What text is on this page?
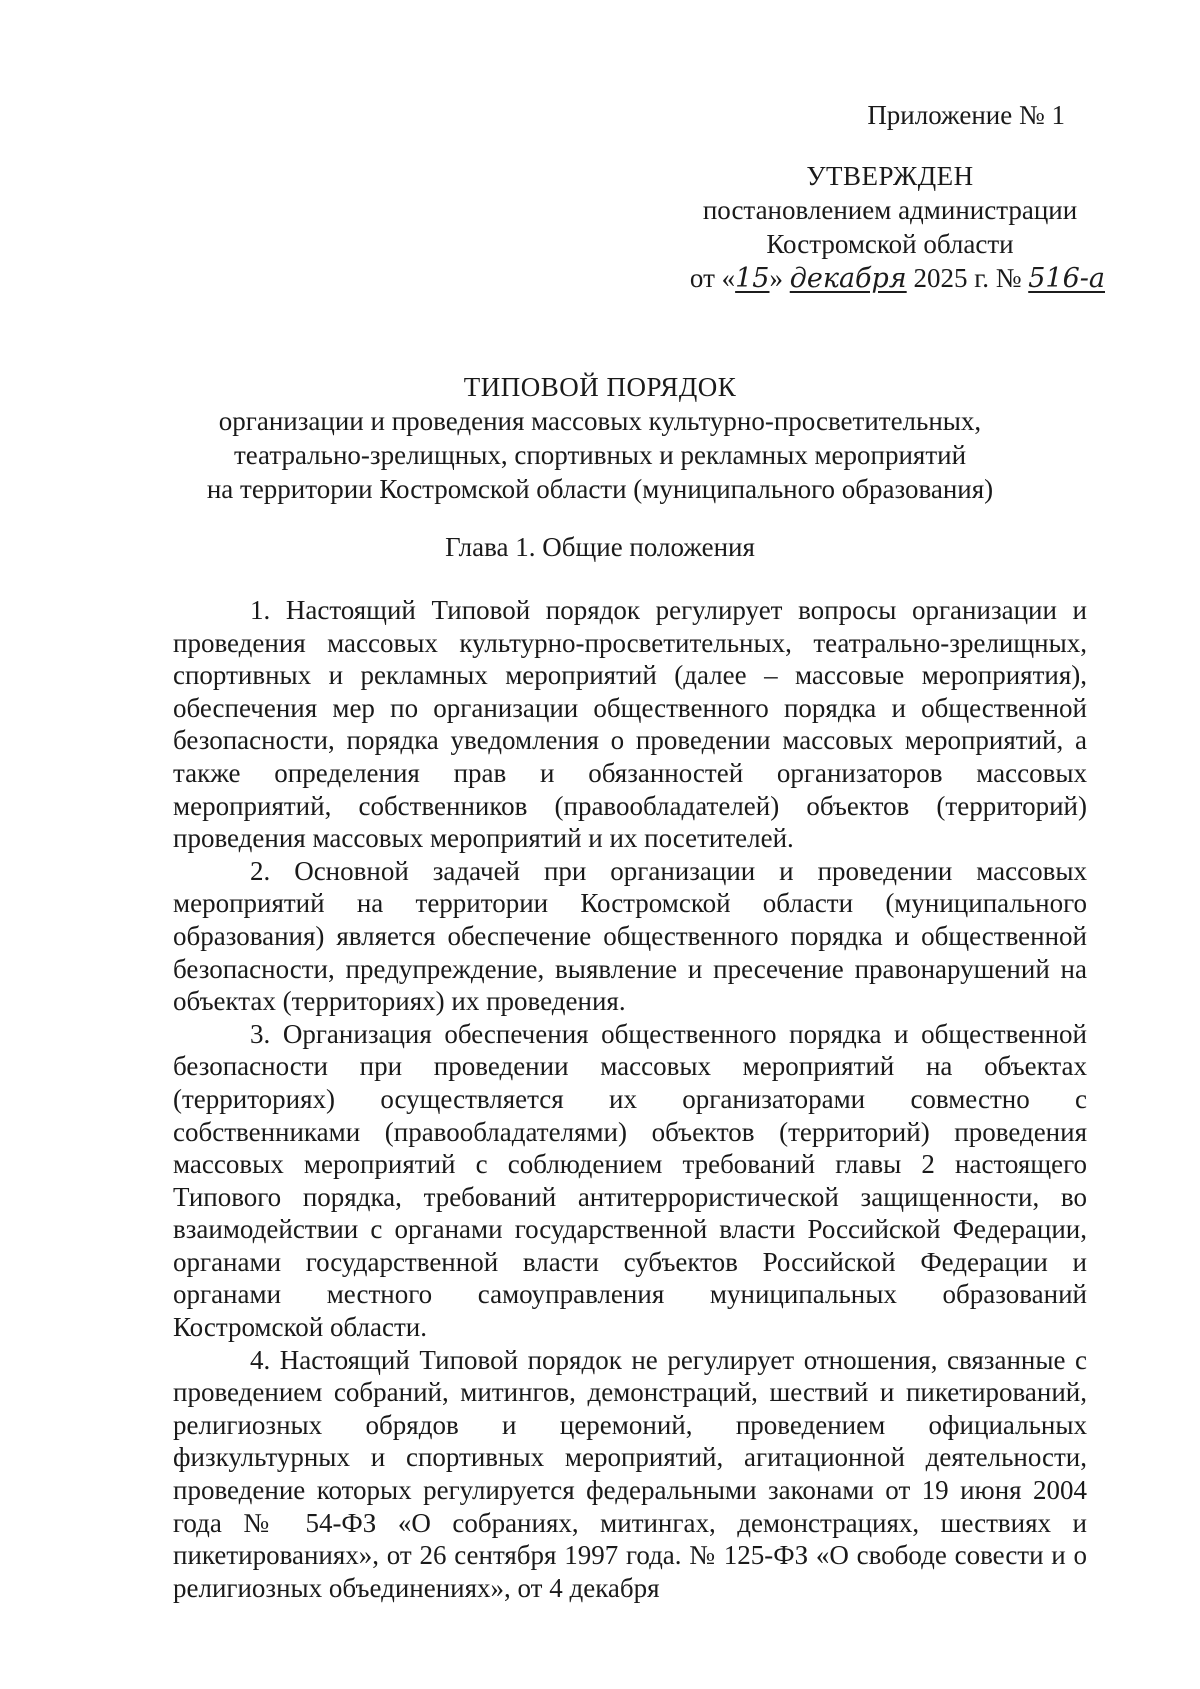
Приложение № 1
УТВЕРЖДЕН
постановлением администрации
Костромской области
от «15» декабря 2025 г. № 516-а
ТИПОВОЙ ПОРЯДОК
организации и проведения массовых культурно-просветительных,
театрально-зрелищных, спортивных и рекламных мероприятий
на территории Костромской области (муниципального образования)
Глава 1. Общие положения

1. Настоящий Типовой порядок регулирует вопросы организации и проведения массовых культурно-просветительных, театрально-зрелищных, спортивных и рекламных мероприятий (далее – массовые мероприятия), обеспечения мер по организации общественного порядка и общественной безопасности, порядка уведомления о проведении массовых мероприятий, а также определения прав и обязанностей организаторов массовых мероприятий, собственников (правообладателей) объектов (территорий) проведения массовых мероприятий и их посетителей.

2. Основной задачей при организации и проведении массовых мероприятий на территории Костромской области (муниципального образования) является обеспечение общественного порядка и общественной безопасности, предупреждение, выявление и пресечение правонарушений на объектах (территориях) их проведения.

3. Организация обеспечения общественного порядка и общественной безопасности при проведении массовых мероприятий на объектах (территориях) осуществляется их организаторами совместно с собственниками (правообладателями) объектов (территорий) проведения массовых мероприятий с соблюдением требований главы 2 настоящего Типового порядка, требований антитеррористической защищенности, во взаимодействии с органами государственной власти Российской Федерации, органами государственной власти субъектов Российской Федерации и органами местного самоуправления муниципальных образований Костромской области.

4. Настоящий Типовой порядок не регулирует отношения, связанные с проведением собраний, митингов, демонстраций, шествий и пикетирований, религиозных обрядов и церемоний, проведением официальных физкультурных и спортивных мероприятий, агитационной деятельности, проведение которых регулируется федеральными законами от 19 июня 2004 года № 54-ФЗ «О собраниях, митингах, демонстрациях, шествиях и пикетированиях», от 26 сентября 1997 года. № 125-ФЗ «О свободе совести и о религиозных объединениях», от 4 декабря
